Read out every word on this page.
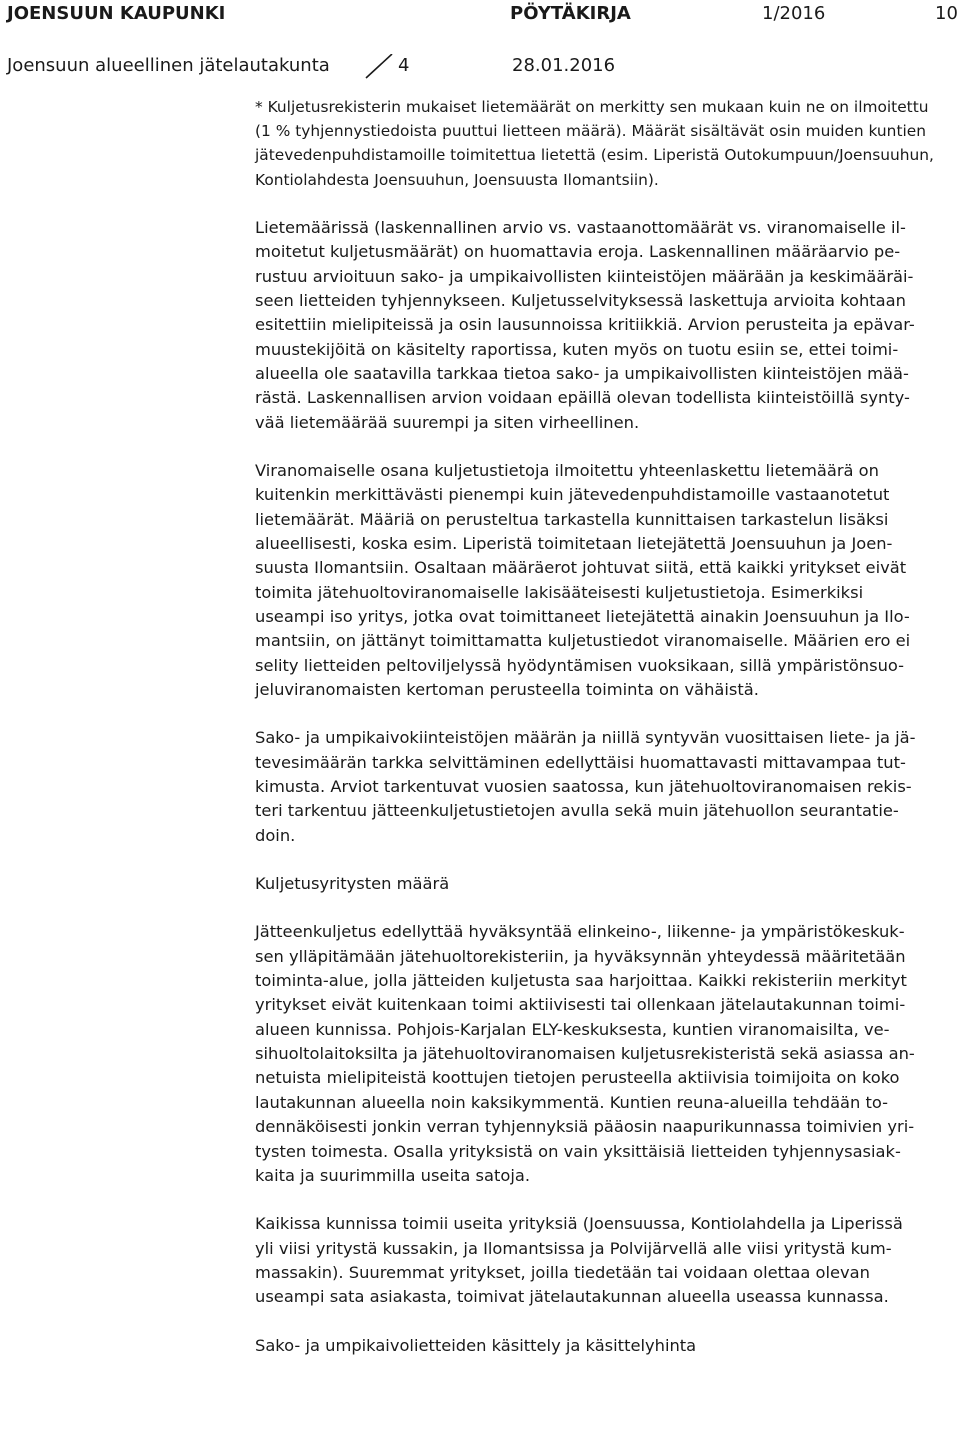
JOENSUUN KAUPUNKI	PÖYTÄKIRJA	1/2016	10
Joensuun alueellinen jätelautakunta	4	28.01.2016
* Kuljetusrekisterin mukaiset lietemäärät on merkitty sen mukaan kuin ne on ilmoitettu
(1 % tyhjennystiedoista puuttui lietteen määrä). Määrät sisältävät osin muiden kuntien
jätevedenpuhdistamoille toimitettua lietettä (esim. Liperistä Outokumpuun/Joensuuhun,
Kontiolahdesta Joensuuhun, Joensuusta Ilomantsiin).
Lietemäärissä (laskennallinen arvio vs. vastaanottomäärät vs. viranomaiselle il-
moitetut kuljetusmäärät) on huomattavia eroja. Laskennallinen määräarvio pe-
rustuu arvioituun sako- ja umpikaivollisten kiinteistöjen määrään ja keskimääräi-
seen lietteiden tyhjennykseen. Kuljetusselvityksessä laskettuja arvioita kohtaan
esitettiin mielipiteissä ja osin lausunnoissa kritiikkiä. Arvion perusteita ja epävar-
muustekijöitä on käsitelty raportissa, kuten myös on tuotu esiin se, ettei toimi-
alueella ole saatavilla tarkkaa tietoa sako- ja umpikaivollisten kiinteistöjen mää-
rästä. Laskennallisen arvion voidaan epäillä olevan todellista kiinteistöillä synty-
vää lietemäärää suurempi ja siten virheellinen.
Viranomaiselle osana kuljetustietoja ilmoitettu yhteenlaskettu lietemäärä on
kuitenkin merkittävästi pienempi kuin jätevedenpuhdistamoille vastaanotetut
lietemäärät. Määriä on perusteltua tarkastella kunnittaisen tarkastelun lisäksi
alueellisesti, koska esim. Liperistä toimitetaan lietejätettä Joensuuhun ja Joen-
suusta Ilomantsiin. Osaltaan määräerot johtuvat siitä, että kaikki yritykset eivät
toimita jätehuoltoviranomaiselle lakisääteisesti kuljetustietoja. Esimerkiksi
useampi iso yritys, jotka ovat toimittaneet lietejätettä ainakin Joensuuhun ja Ilo-
mantsiin, on jättänyt toimittamatta kuljetustiedot viranomaiselle. Määrien ero ei
selity lietteiden peltoviljelyssä hyödyntämisen vuoksikaan, sillä ympäristönsuo-
jeluviranomaisten kertoman perusteella toiminta on vähäistä.
Sako- ja umpikaivokiinteistöjen määrän ja niillä syntyvän vuosittaisen liete- ja jä-
tevesimäärän tarkka selvittäminen edellyttäisi huomattavasti mittavampaa tut-
kimusta. Arviot tarkentuvat vuosien saatossa, kun jätehuoltoviranomaisen rekis-
teri tarkentuu jätteenkuljetustietojen avulla sekä muin jätehuollon seurantatie-
doin.
Kuljetusyritysten määrä
Jätteenkuljetus edellyttää hyväksyntää elinkeino-, liikenne- ja ympäristökeskuk-
sen ylläpitämään jätehuoltorekisteriin, ja hyväksynnän yhteydessä määritetään
toiminta-alue, jolla jätteiden kuljetusta saa harjoittaa. Kaikki rekisteriin merkityt
yritykset eivät kuitenkaan toimi aktiivisesti tai ollenkaan jätelautakunnan toimi-
alueen kunnissa. Pohjois-Karjalan ELY-keskuksesta, kuntien viranomaisilta, ve-
sihuoltolaitoksilta ja jätehuoltoviranomaisen kuljetusrekisteristä sekä asiassa an-
netuista mielipiteistä koottujen tietojen perusteella aktiivisia toimijoita on koko
lautakunnan alueella noin kaksikymmentä. Kuntien reuna-alueilla tehdään to-
dennäköisesti jonkin verran tyhjennyksiä pääosin naapurikunnassa toimivien yri-
tysten toimesta. Osalla yrityksistä on vain yksittäisiä lietteiden tyhjennysasiak-
kaita ja suurimmilla useita satoja.
Kaikissa kunnissa toimii useita yrityksiä (Joensuussa, Kontiolahdella ja Liperissä
yli viisi yritystä kussakin, ja Ilomantsissa ja Polvijärvellä alle viisi yritystä kum-
massakin). Suuremmat yritykset, joilla tiedetään tai voidaan olettaa olevan
useampi sata asiakasta, toimivat jätelautakunnan alueella useassa kunnassa.
Sako- ja umpikaivolietteiden käsittely ja käsittelyhinta
